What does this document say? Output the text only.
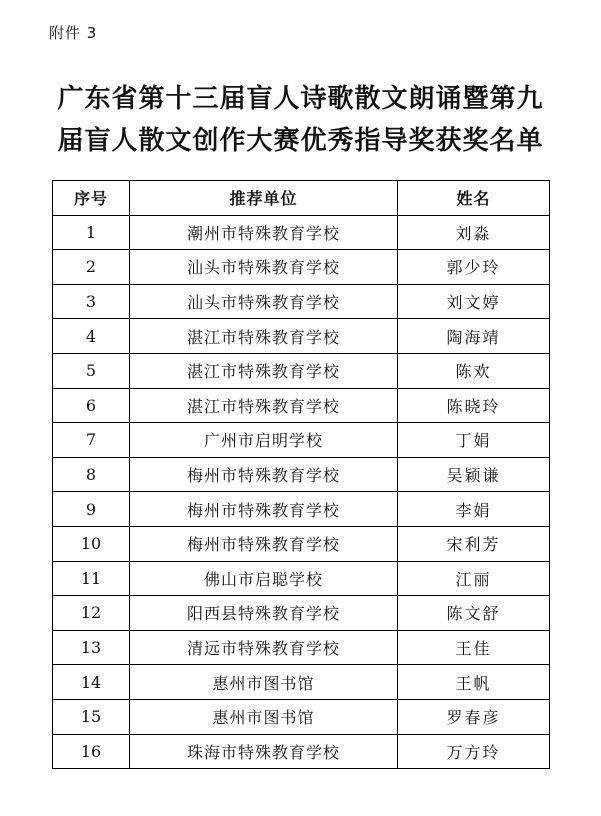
附件 3
广东省第十三届盲人诗歌散文朗诵暨第九
届盲人散文创作大赛优秀指导奖获奖名单
序号	推荐单位	姓名
1	潮州市特殊教育学校	刘淼
2	汕头市特殊教育学校	郭少玲
3	汕头市特殊教育学校	刘文婷
4	湛江市特殊教育学校	陶海靖
5	湛江市特殊教育学校	陈欢
6	湛江市特殊教育学校	陈晓玲
7	广州市启明学校	丁娟
8	梅州市特殊教育学校	吴颖谦
9	梅州市特殊教育学校	李娟
10	梅州市特殊教育学校	宋利芳
11	佛山市启聪学校	江丽
12	阳西县特殊教育学校	陈文舒
13	清远市特殊教育学校	王佳
14	惠州市图书馆	王帆
15	惠州市图书馆	罗春彦
16	珠海市特殊教育学校	万方玲
